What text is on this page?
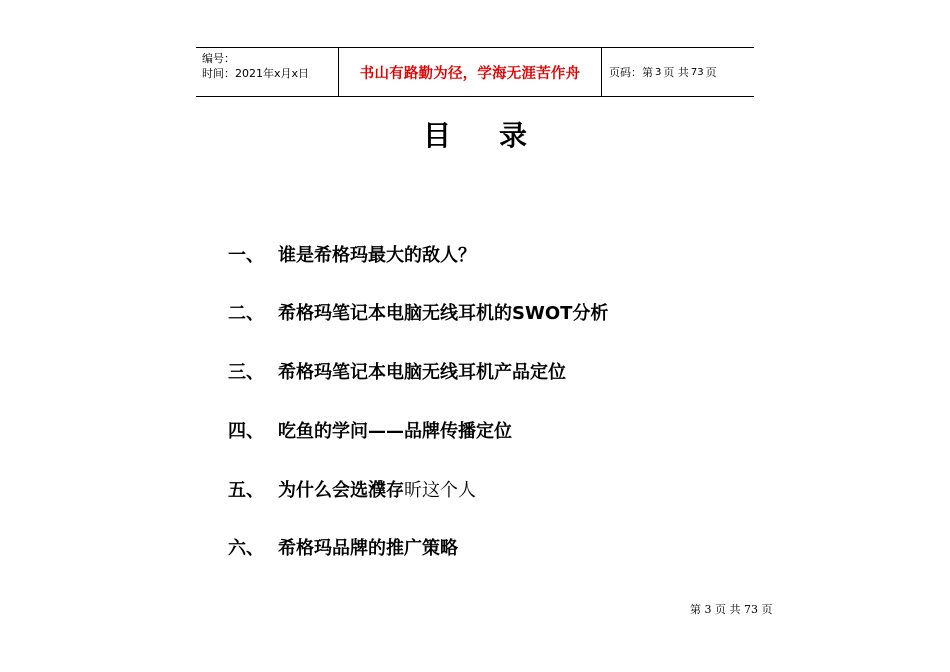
编号：
时间：2021年x月x日	书山有路勤为径，学海无涯苦作舟	页码：第 3 页 共 73 页
目 录
一、 谁是希格玛最大的敌人？
二、 希格玛笔记本电脑无线耳机的SWOT分析
三、 希格玛笔记本电脑无线耳机产品定位
四、 吃鱼的学问——品牌传播定位
五、 为什么会选濮存昕这个人
六、 希格玛品牌的推广策略
第 3 页 共 73 页
